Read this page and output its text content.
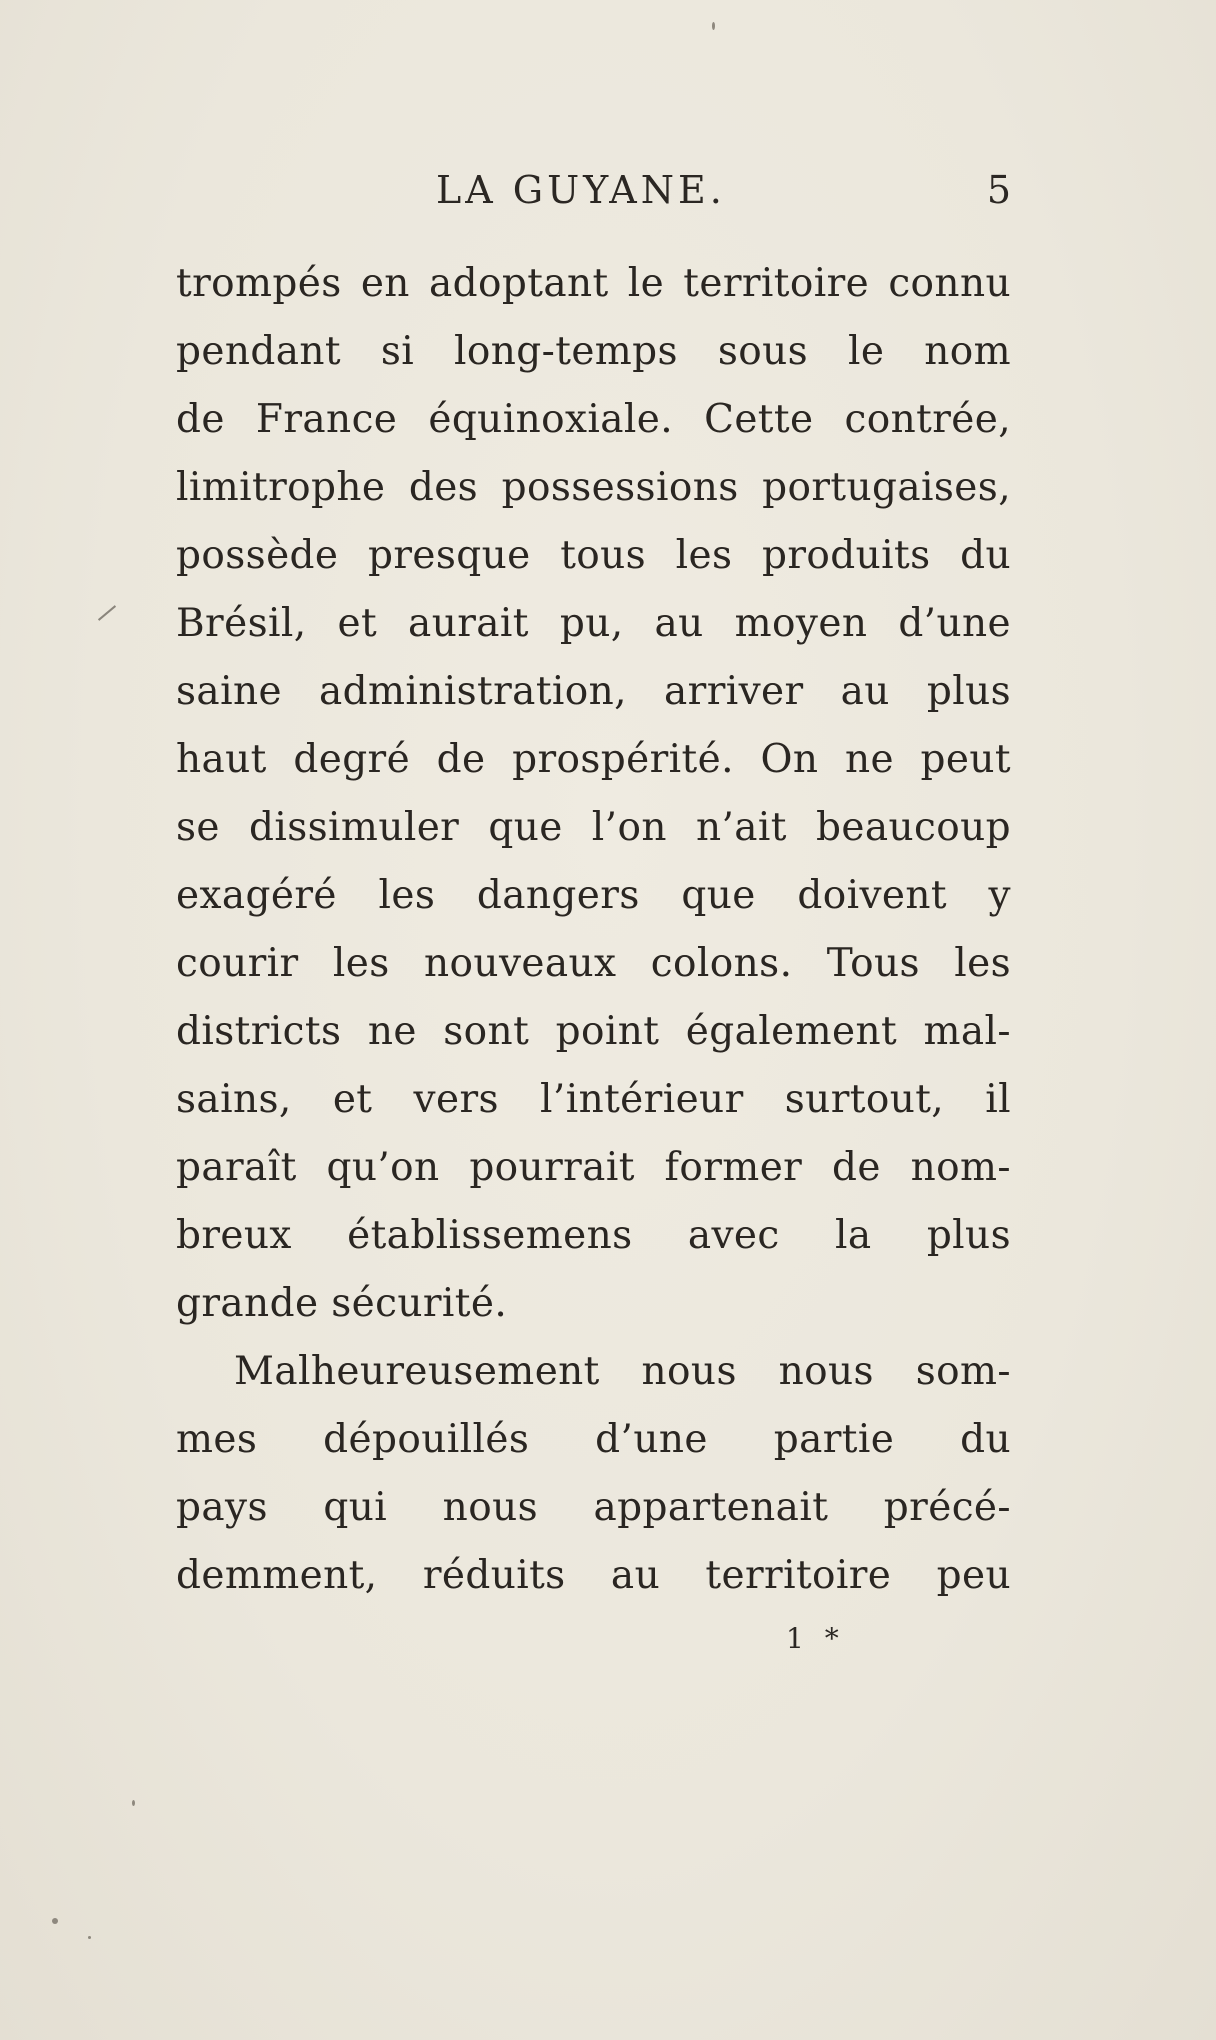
LA GUYANE.	5
trompés en adoptant le territoire connu
pendant si long-temps sous le nom
de France équinoxiale. Cette contrée,
limitrophe des possessions portugaises,
possède presque tous les produits du
Brésil, et aurait pu, au moyen d’une
saine administration, arriver au plus
haut degré de prospérité. On ne peut
se dissimuler que l’on n’ait beaucoup
exagéré les dangers que doivent y
courir les nouveaux colons. Tous les
districts ne sont point également mal-
sains, et vers l’intérieur surtout, il
paraît qu’on pourrait former de nom-
breux établissemens avec la plus
grande sécurité.
Malheureusement nous nous som-
mes dépouillés d’une partie du
pays qui nous appartenait précé-
demment, réduits au territoire peu
1 *
